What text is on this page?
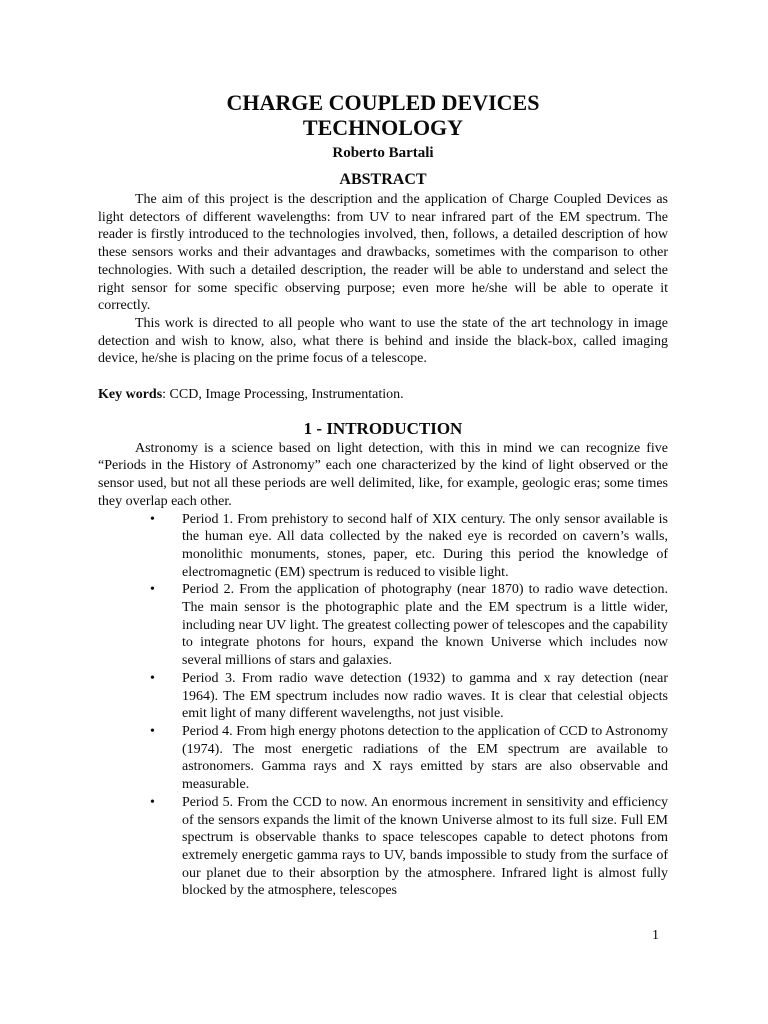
CHARGE COUPLED DEVICES
TECHNOLOGY
Roberto Bartali
ABSTRACT

The aim of this project is the description and the application of Charge Coupled Devices as light detectors of different wavelengths: from UV to near infrared part of the EM spectrum. The reader is firstly introduced to the technologies involved, then, follows, a detailed description of how these sensors works and their advantages and drawbacks, sometimes with the comparison to other technologies. With such a detailed description, the reader will be able to understand and select the right sensor for some specific observing purpose; even more he/she will be able to operate it correctly.

This work is directed to all people who want to use the state of the art technology in image detection and wish to know, also, what there is behind and inside the black-box, called imaging device, he/she is placing on the prime focus of a telescope.

Key words: CCD, Image Processing, Instrumentation.

1 - INTRODUCTION

Astronomy is a science based on light detection, with this in mind we can recognize five “Periods in the History of Astronomy” each one characterized by the kind of light observed or the sensor used, but not all these periods are well delimited, like, for example, geologic eras; some times they overlap each other.

• Period 1. From prehistory to second half of XIX century. The only sensor available is the human eye. All data collected by the naked eye is recorded on cavern’s walls, monolithic monuments, stones, paper, etc. During this period the knowledge of electromagnetic (EM) spectrum is reduced to visible light.
• Period 2. From the application of photography (near 1870) to radio wave detection. The main sensor is the photographic plate and the EM spectrum is a little wider, including near UV light. The greatest collecting power of telescopes and the capability to integrate photons for hours, expand the known Universe which includes now several millions of stars and galaxies.
• Period 3. From radio wave detection (1932) to gamma and x ray detection (near 1964). The EM spectrum includes now radio waves. It is clear that celestial objects emit light of many different wavelengths, not just visible.
• Period 4. From high energy photons detection to the application of CCD to Astronomy (1974). The most energetic radiations of the EM spectrum are available to astronomers. Gamma rays and X rays emitted by stars are also observable and measurable.
• Period 5. From the CCD to now. An enormous increment in sensitivity and efficiency of the sensors expands the limit of the known Universe almost to its full size. Full EM spectrum is observable thanks to space telescopes capable to detect photons from extremely energetic gamma rays to UV, bands impossible to study from the surface of our planet due to their absorption by the atmosphere. Infrared light is almost fully blocked by the atmosphere, telescopes
1
